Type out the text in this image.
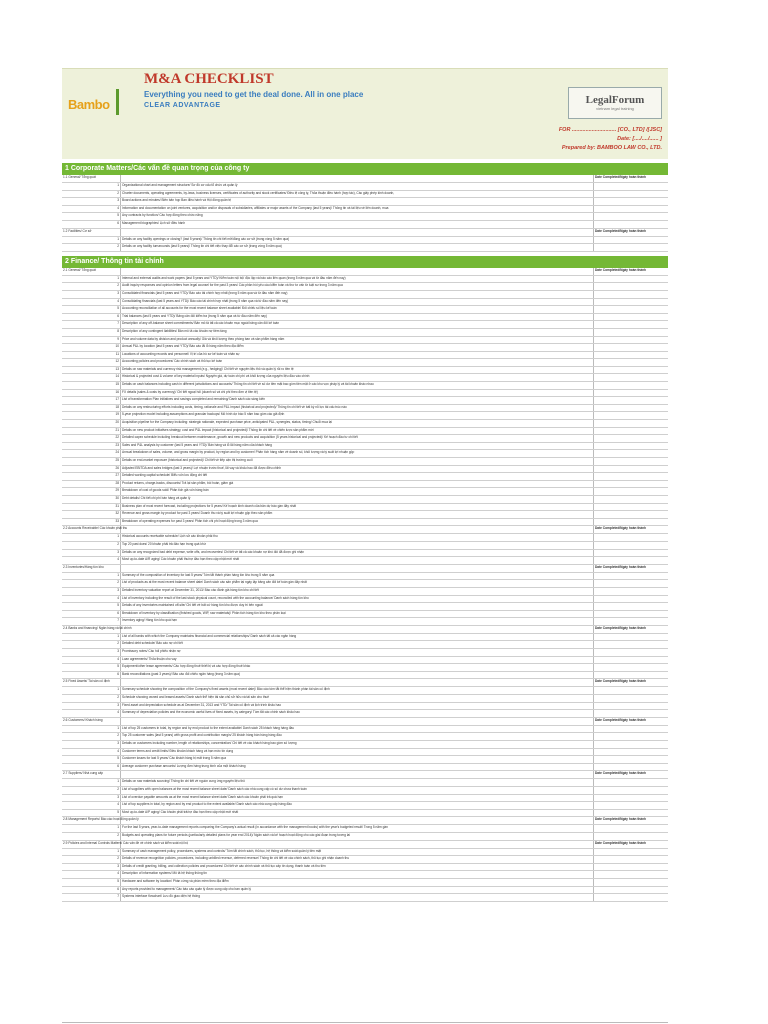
Bambo
M&A CHECKLIST
Everything you need to get the deal done. All in one place
CLEAR ADVANTAGE	LegalForum
vietnam legal training
FOR ............................. [CO., LTD] /[JSC]
Date: [..../..../...... ]
Prepared by: BAMBOO LAW CO., LTD.
1 Corporate Matters/Các vấn đề quan trọng của công ty
1.1 General/ Tổng quát		Date Completed/Ngày hoàn thành
1	Organizational chart and management structure/ Sơ đồ cơ cấu tổ chức và quản lý	
2	Charter documents, operating agreements, by-laws, business licenses, certificates of authority and stock certificates/ Điều lệ công ty, Thỏa thuận điều hành (hợp tác), Các giấy phép kinh doanh,	
3	Board actions and minutes/ Biên bản họp Ban điều hành và Hội đồng quản trị	
4	Information and documentation on joint ventures, acquisition and/or disposals of subsidiaries, affiliates or major assets of the Company (last 5 years)/ Thông tin và tài liệu về liên doanh, mua	
5	Any contracts by function/ Các hợp đồng theo chức năng	
6	Management biographies/ Lịch sử điều hành	
1.2 Facilities/ Cơ sở		Date Completed/Ngày hoàn thành
1	Details on any facility openings or closing? (last 5 years)/ Thông tin chi tiết mở/đóng các cơ sở (trong vòng 5 năm qua)	
2	Details on any facility turnarounds (last 5 years)/ Thông tin chi tiết việc thay đổi các cơ sở (trong vòng 5 năm qua)	
2 Finance/ Thông tin tài chính
2.1 General/ Tổng quát		Date Completed/Ngày hoàn thành
1	Internal and external audits and work papers (last 5 years and YTD)/ Kiểm toán nội bộ/ độc lập và báo cáo liên quan (trong 5 năm qua và từ đầu năm đến nay)	
2	Audit inquiry responses and opinion letters from legal counsel for the past 3 years/ Các phản hồi yêu cầu kiểm toán và thư tư vấn từ luật sư trong 3 năm qua	
3	Consolidated financials (last 5 years and YTD)/ Báo cáo tài chính hợp nhất (trong 5 năm qua và từ đầu năm đến nay)	
4	Consolidating financials (last 5 years and YTD)/ Báo cáo tài chính hợp nhất (trong 5 năm qua và từ đầu năm đến nay)	
5	Accounting reconciliation of all accounts for the most recent balance sheet available/ Đối chiếu số liệu kế toán	
6	Trial balances (last 5 years and YTD)/ Bảng cân đối kiểm tra (trong 5 năm qua và từ đầu năm đến nay)	
7	Description of any off-balance sheet commitments/ Bản mô tả tất cả các khoản mục ngoài bảng cân đối kế toán	
8	Description of any contingent liabilities/ Bản mô tả các khoản nợ tiềm tàng	
9	Price and volume data by division and product annually/ Giá và khối lượng theo phòng ban và sản phẩm hàng năm	
10	Annual P&L by location (last 5 years and YTD)/ Báo cáo lãi lỗ hàng năm theo địa điểm	
11	Locations of accounting records and personnel/ Vị trí của hồ sơ kế toán và nhân sự	
12	Accounting policies and procedures/ Các chính sách và thủ tục kế toán	
13	Details on raw materials and currency risk management (e.g., hedging)/ Chi tiết về nguyên liệu thô và quản lý rủi ro tiền tệ	
14	Historical & projected cost & volume of key material inputs/ Nguyên giá, dự toán chi phí và khối lượng của nguyên liệu đầu vào chính	
15	Details on cash balances including cash in different jurisdictions and accounts/ Thông tin chi tiết về số dư tiền mặt bao gồm tiền mặt ở các khu vực pháp lý và tài khoản khác nhau	
16	FX details (sales & costs by currency)/ Chi tiết ngoại hối (doanh số và chi phí theo đơn vị tiền tệ)	
17	List of transformation Plan initiatives and savings completed and remaining/ Danh sách các sáng kiến	
18	Details on any restructuring efforts including costs, timing, rationale and P&L impact (historical and projected)/ Thông tin chi tiết về bất kỳ nỗ lực tái cấu trúc nào	
19	5-year projection model including assumptions and granular backups/ Mô hình dự báo 5 năm bao gồm các giả định	
20	Acquisition pipeline for the Company including: strategic rationale, expected purchase price, anticipated P&L, synergies, status, timing/ Chuỗi mua lại	
21	Details on new product initiatives strategy, cost and P&L impact (historical and projected)/ Thông tin chi tiết về chiến lược sản phẩm mới	
22	Detailed capex schedule including breakout between maintenance, growth and new products and acquisition (5 years historical and projected)/ Kế hoạch đầu tư chi tiết	
23	Sales and P&L analysis by customer (last 5 years and YTD)/ Bán hàng và lỗ lãi hàng năm của khách hàng	
24	Annual breakdown of sales, volume, and gross margin by product, by region and by customer/ Phân tích hàng năm về doanh số, khối lượng và tỷ suất lợi nhuận gộp	
25	Details on end-market exposure (historical and projected)/ Chi tiết về tiếp cận thị trường cuối	
26	Adjusted EBITDA and sales bridges (last 3 years)/ Lợi nhuận trước thuế, lãi vay và khấu hao đã được điều chỉnh	
27	Detailed working capital schedule/ Biểu vốn lưu động chi tiết	
28	Product returns, charge-backs, discounts/ Trả lại sản phẩm, bồi hoàn, giảm giá	
29	Breakdown of cost of goods sold/ Phân tích giá vốn hàng bán	
30	Debt details/ Chi tiết chi phí bán hàng và quản lý	
31	Business plan of most recent forecast, including projections for 5 years/ Kế hoạch kinh doanh của bản dự báo gần đây nhất	
32	Revenue and gross margin by product for past 3 years/ Doanh thu và tỷ suất lợi nhuận gộp theo sản phẩm	
33	Breakdown of operating expenses for past 3 years/ Phân tích chi phí hoạt động trong 3 năm qua	
2.2 Accounts Receivable/ Các khoản phải thu		Date Completed/Ngày hoàn thành
1	Historical accounts receivable schedule/ Lịch sử các khoản phải thu	
2	Top 20 past dues/ 20 khoản phải trả đáo hạn trong quá khứ	
3	Details on any recognized bad debt expense, write offs, and recoveries/ Chi tiết về tất cả các khoản nợ khó đòi đã được ghi nhận	
4	Most up-to-date A/R aging/ Các khoản phải thu/nợ đáo hạn theo cập nhật mới nhất	
2.3 Inventories/Hàng tồn kho		Date Completed/Ngày hoàn thành
1	Summary of the composition of inventory for last 5 years/ Tóm tắt thành phần hàng tồn kho trong 5 năm qua	
2	List of products as at the most recent balance sheet date/ Danh sách các sản phẩm tại ngày lập bảng cân đối kế toán gần đây nhất	
3	Detailed inventory valuation report at December 31, 2013/ Báo cáo đánh giá hàng tồn kho chi tiết	
4	List of inventory including the result of the last stock physical count, reconciled with the accounting balance/ Danh sách hàng tồn kho	
5	Details of any inventories maintained off-site/ Chi tiết về bất cứ hàng tồn kho được duy trì bên ngoài	
6	Breakdown of inventory by classification (finished goods, WIP, raw materials)/ Phân tích hàng tồn kho theo phân loại	
7	Inventory aging/ Hàng tồn kho quá hạn	
2.4 Banks and financing/ Ngân hàng và tài chính		Date Completed/Ngày hoàn thành
1	List of all banks with which the Company maintains financial and commercial relationships/ Danh sách tất cả các ngân hàng	
2	Detailed debt schedule/ Bảo cáo nợ chi tiết	
3	Promissory notes/ Các hối phiếu nhận nợ	
4	Loan agreements/ Thỏa thuận cho vay	
5	Equipment/other lease agreements/ Các hợp đồng thuê thiết bị và các hợp đồng thuê khác	
6	Bank reconciliations (past 3 years)/ Bảo cáo đối chiếu ngân hàng (trong 3 năm qua)	
2.5 Fixed Assets/ Tài sản cố định		Date Completed/Ngày hoàn thành
1	Summary schedule showing the composition of the Company's fixed assets (most recent date)/ Bảo cáo tóm tắt thể hiện thành phần tài sản cố định	
2	Schedule showing owned and leased assets/ Danh sách thể hiện tài sản chủ sở hữu và tài sản cho thuê	
3	Fixed asset and depreciation schedule as at December 31, 2013 and YTD/ Tài sản cố định và lịch trình khấu hao	
4	Summary of depreciation policies and the economic useful lives of fixed assets, by category/ Tóm tắt các chính sách khấu hao	
2.6 Customers/ Khách hàng		Date Completed/Ngày hoàn thành
1	List of top 25 customers in total, by region and by end product to the extent available/ Danh sách 25 khách hàng hàng đầu	
2	Top 25 customer sales (last 5 years) with gross profit and contribution margin/ 25 khách hàng bán hàng hàng đầu	
3	Details on customers including number, length of relationships, concentration/ Chi tiết về các khách hàng bao gồm số lượng	
4	Customer terms and credit limits/ Điều khoản khách hàng và hạn mức tín dụng	
5	Customer losses for last 5 years/ Các khách hàng bị mất trong 5 năm qua	
6	Average customer purchase amounts/ Lượng đơn hàng trung bình của một khách hàng	
2.7 Suppliers/ Nhà cung cấp		Date Completed/Ngày hoàn thành
1	Details on raw materials sourcing/ Thông tin chi tiết về nguồn cung ứng nguyên liệu thô	
2	List of suppliers with open balances at the most recent balance sheet date/ Danh sách các nhà cung cấp có số dư chưa thanh toán	
3	List of overdue payable amounts as at the most recent balance sheet date/ Danh sách các khoản phải trả quá hạn	
4	List of top suppliers in total, by region and by end product to the extent available/ Danh sách các nhà cung cấp hàng đầu	
5	Most up-to-date A/P aging/ Các khoản phải trả/nợ đáo hạn theo cập nhật mới nhất	
2.8 Management Reports/ Báo cáo hoạt động quản lý		Date Completed/Ngày hoàn thành
1	For the last 5 years, year-to-date management reports comparing the Company's actual result (in accordance with the management books) with the year's budgeted result/ Trong 5 năm gần	
2	Budgets and operating plans for future periods (particularly detailed plans for year end 2014)/ Ngân sách và kế hoạch hoạt động cho các giai đoạn trong tương lai	
2.9 Policies and Internal Controls Matters/ Các vấn đề về chính sách và kiểm soát nội bộ		Date Completed/Ngày hoàn thành
1	Summary of cash management policy, procedures, systems and controls/ Tóm tắt chính sách, thủ tục, hệ thống và kiểm soát quản lý tiền mặt	
2	Details of revenue recognition policies, procedures, including unbilled revenue, deferred revenue/ Thông tin chi tiết về các chính sách, thủ tục ghi nhận doanh thu	
3	Details of credit granting, billing, and collection policies and procedures/ Chi tiết về các chính sách và thủ tục cấp tín dụng, thanh toán và thu tiền	
4	Description of information systems/ Mô tả hệ thống thông tin	
5	Hardware and software by location/ Phần cứng và phần mềm theo địa điểm	
6	Any reports provided to management/ Các báo cáo quản lý được cung cấp cho ban quản lý	
7	Systems interface flowchart/ Lưu đồ giao diện hệ thống	
